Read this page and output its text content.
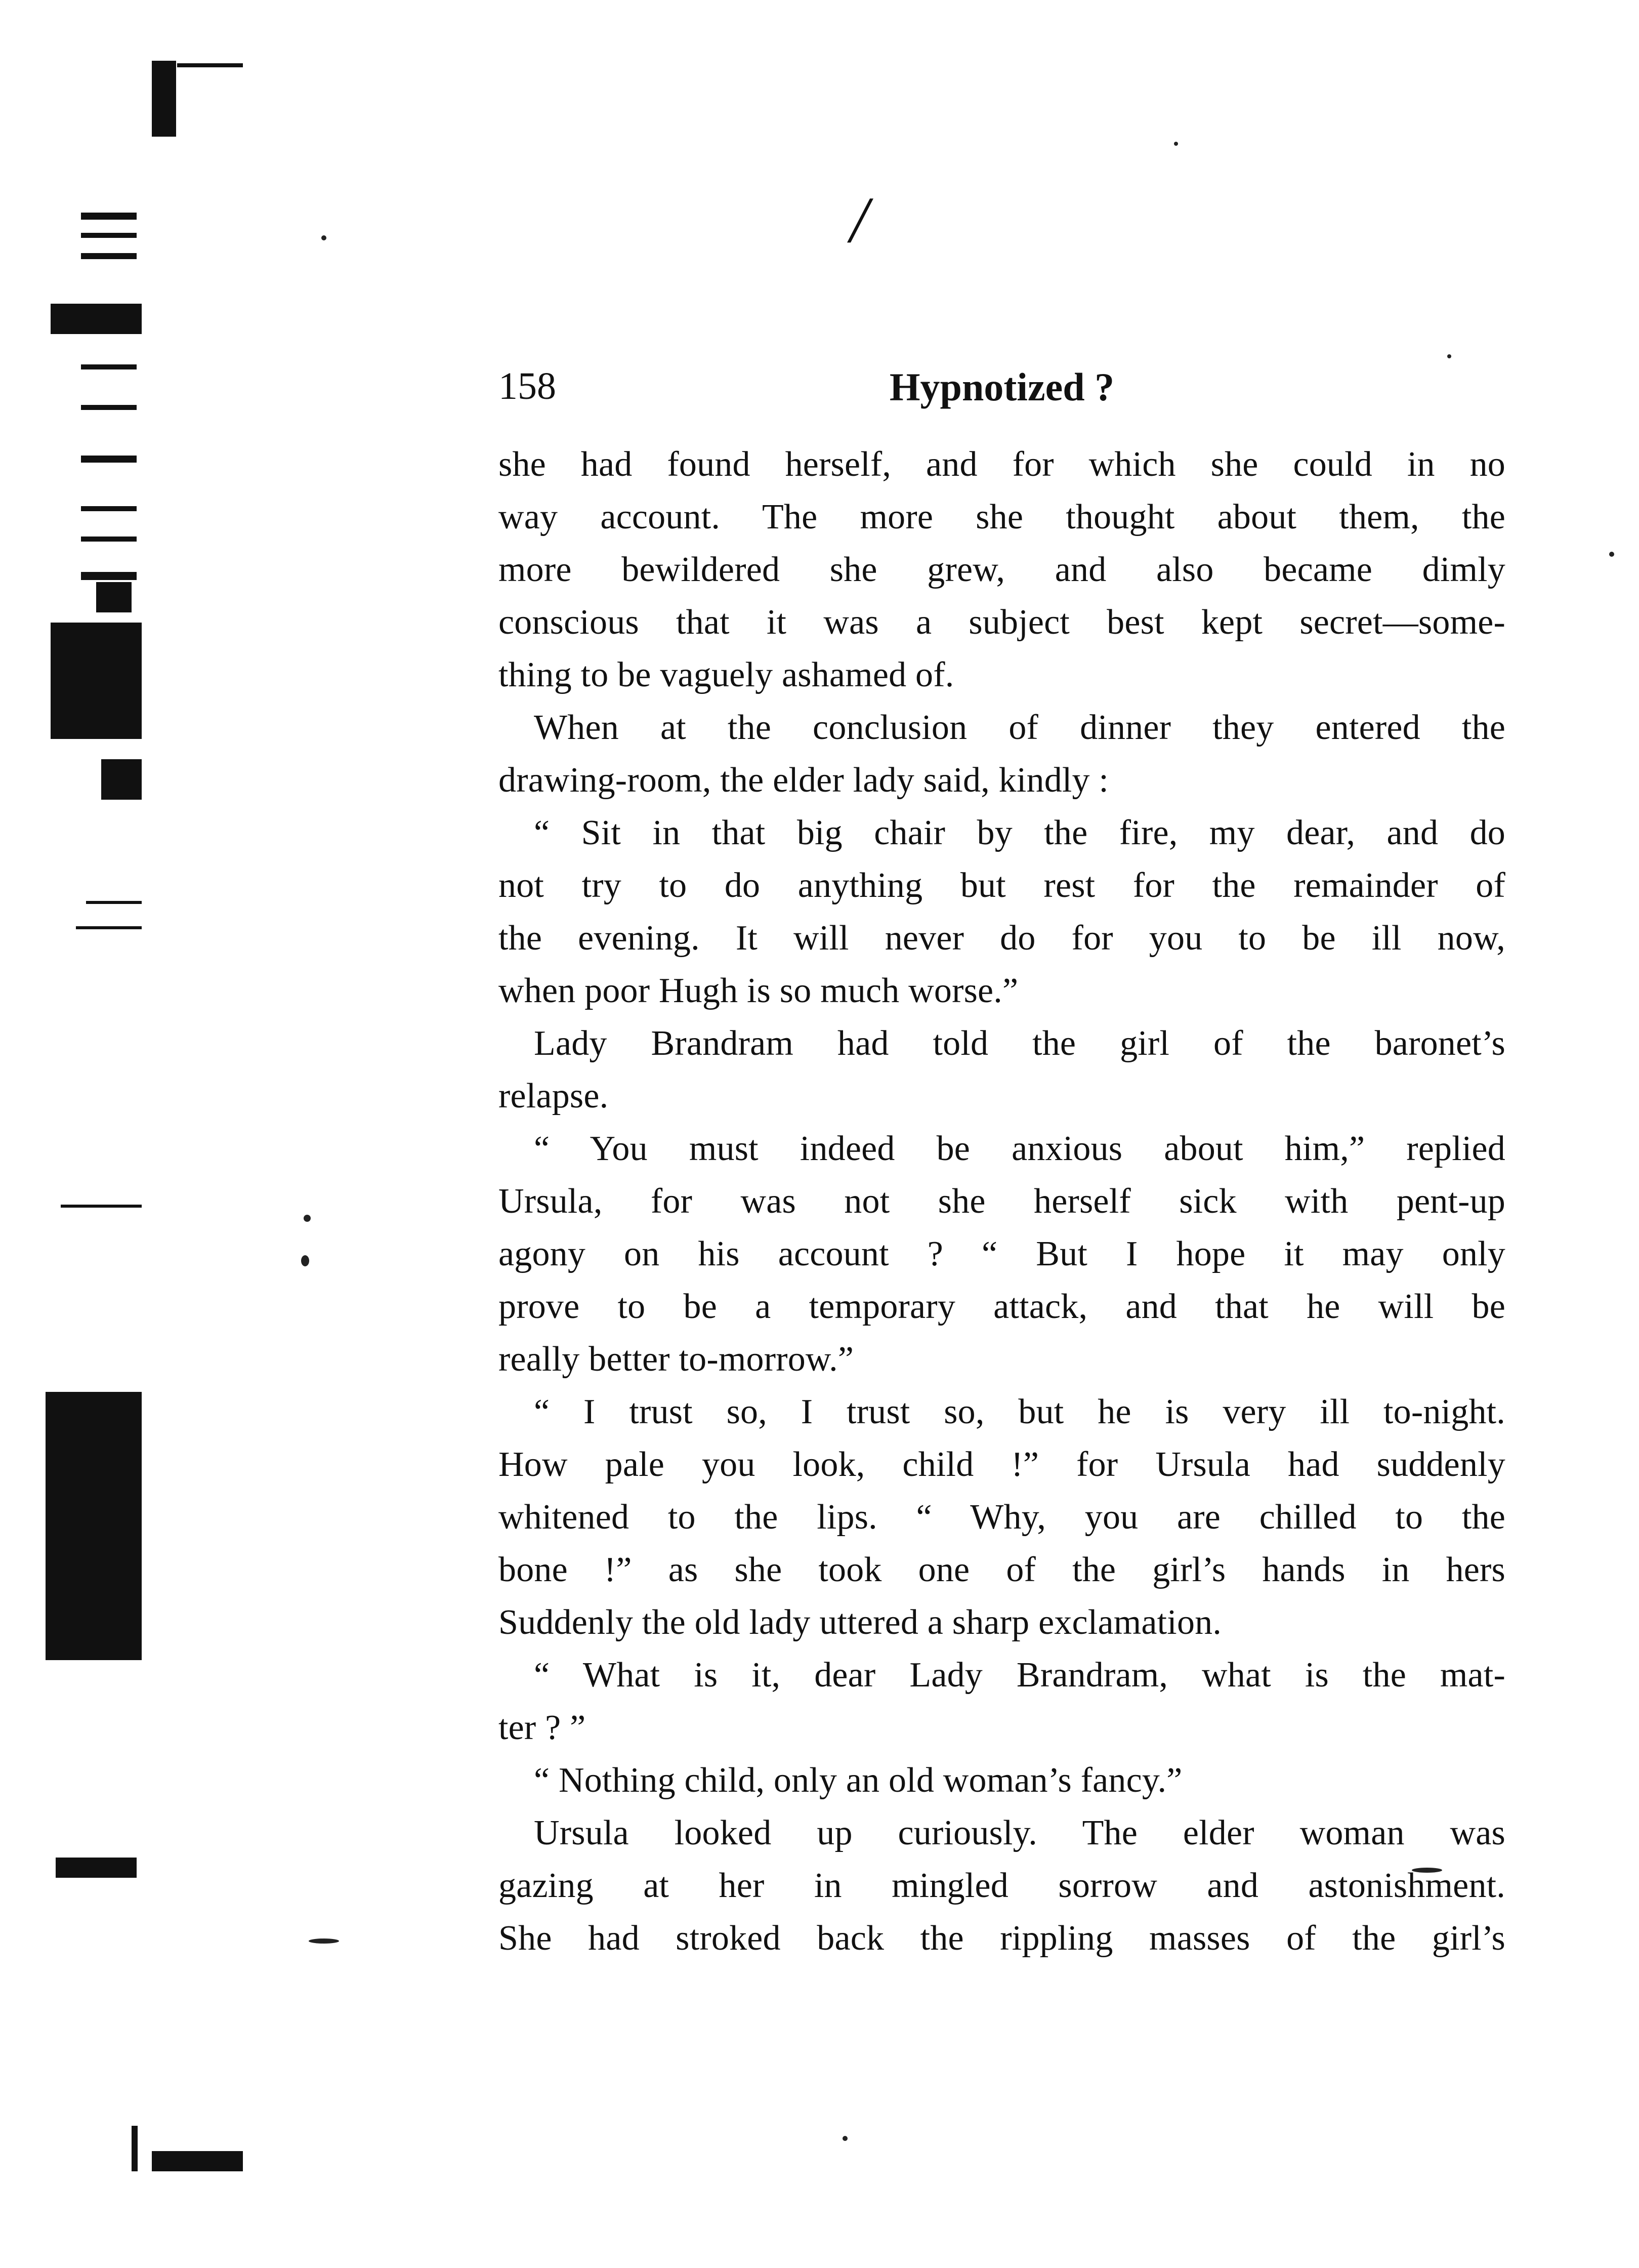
/
158	Hypnotized ?
she had found herself, and for which she could in no
way account. The more she thought about them, the
more bewildered she grew, and also became dimly
conscious that it was a subject best kept secret—some-
thing to be vaguely ashamed of.
When at the conclusion of dinner they entered the
drawing-room, the elder lady said, kindly :
“ Sit in that big chair by the fire, my dear, and do
not try to do anything but rest for the remainder of
the evening. It will never do for you to be ill now,
when poor Hugh is so much worse.”
Lady Brandram had told the girl of the baronet’s
relapse.
“ You must indeed be anxious about him,” replied
Ursula, for was not she herself sick with pent-up
agony on his account ? “ But I hope it may only
prove to be a temporary attack, and that he will be
really better to-morrow.”
“ I trust so, I trust so, but he is very ill to-night.
How pale you look, child !” for Ursula had suddenly
whitened to the lips. “ Why, you are chilled to the
bone !” as she took one of the girl’s hands in hers
Suddenly the old lady uttered a sharp exclamation.
“ What is it, dear Lady Brandram, what is the mat-
ter ? ”
“ Nothing child, only an old woman’s fancy.”
Ursula looked up curiously. The elder woman was
gazing at her in mingled sorrow and astonishment.
She had stroked back the rippling masses of the girl’s
